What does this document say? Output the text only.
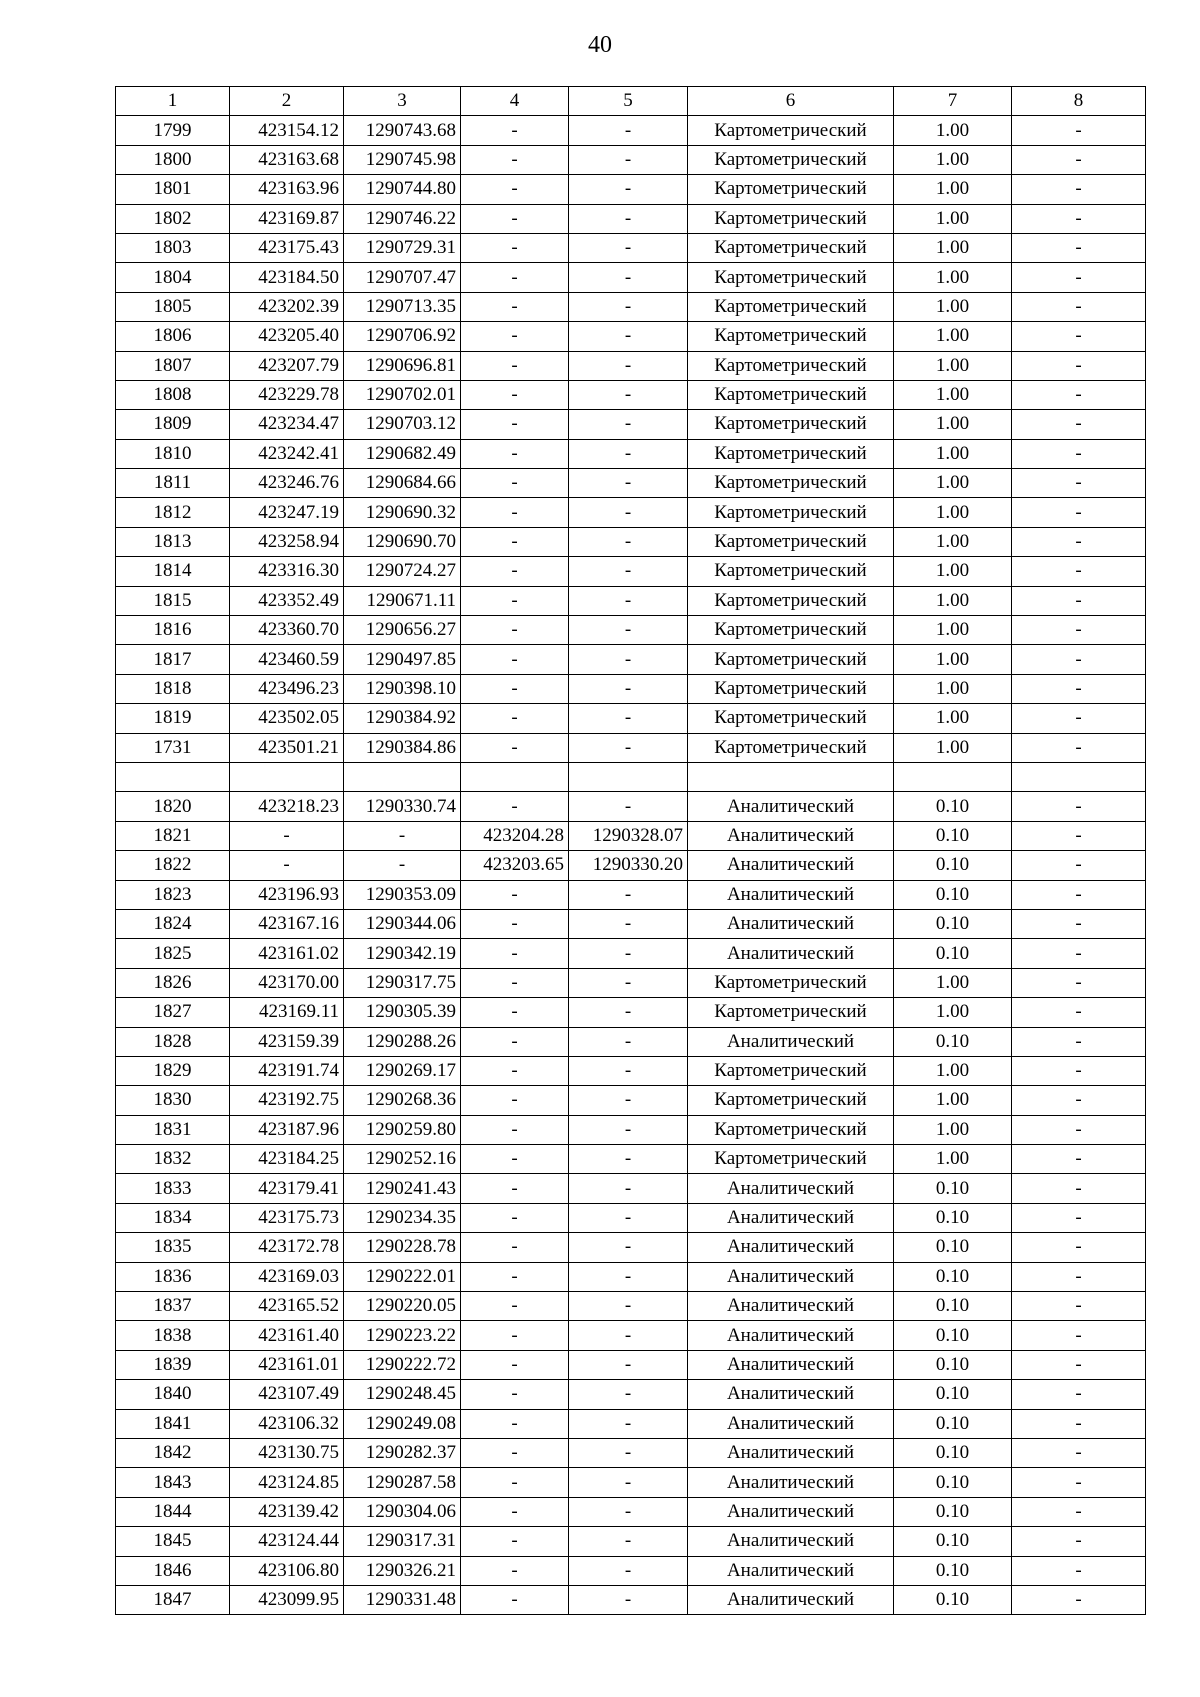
40
1	2	3	4	5	6	7	8
1799	423154.12	1290743.68	-	-	Картометрический	1.00	-
1800	423163.68	1290745.98	-	-	Картометрический	1.00	-
1801	423163.96	1290744.80	-	-	Картометрический	1.00	-
1802	423169.87	1290746.22	-	-	Картометрический	1.00	-
1803	423175.43	1290729.31	-	-	Картометрический	1.00	-
1804	423184.50	1290707.47	-	-	Картометрический	1.00	-
1805	423202.39	1290713.35	-	-	Картометрический	1.00	-
1806	423205.40	1290706.92	-	-	Картометрический	1.00	-
1807	423207.79	1290696.81	-	-	Картометрический	1.00	-
1808	423229.78	1290702.01	-	-	Картометрический	1.00	-
1809	423234.47	1290703.12	-	-	Картометрический	1.00	-
1810	423242.41	1290682.49	-	-	Картометрический	1.00	-
1811	423246.76	1290684.66	-	-	Картометрический	1.00	-
1812	423247.19	1290690.32	-	-	Картометрический	1.00	-
1813	423258.94	1290690.70	-	-	Картометрический	1.00	-
1814	423316.30	1290724.27	-	-	Картометрический	1.00	-
1815	423352.49	1290671.11	-	-	Картометрический	1.00	-
1816	423360.70	1290656.27	-	-	Картометрический	1.00	-
1817	423460.59	1290497.85	-	-	Картометрический	1.00	-
1818	423496.23	1290398.10	-	-	Картометрический	1.00	-
1819	423502.05	1290384.92	-	-	Картометрический	1.00	-
1731	423501.21	1290384.86	-	-	Картометрический	1.00	-

1820	423218.23	1290330.74	-	-	Аналитический	0.10	-
1821	-	-	423204.28	1290328.07	Аналитический	0.10	-
1822	-	-	423203.65	1290330.20	Аналитический	0.10	-
1823	423196.93	1290353.09	-	-	Аналитический	0.10	-
1824	423167.16	1290344.06	-	-	Аналитический	0.10	-
1825	423161.02	1290342.19	-	-	Аналитический	0.10	-
1826	423170.00	1290317.75	-	-	Картометрический	1.00	-
1827	423169.11	1290305.39	-	-	Картометрический	1.00	-
1828	423159.39	1290288.26	-	-	Аналитический	0.10	-
1829	423191.74	1290269.17	-	-	Картометрический	1.00	-
1830	423192.75	1290268.36	-	-	Картометрический	1.00	-
1831	423187.96	1290259.80	-	-	Картометрический	1.00	-
1832	423184.25	1290252.16	-	-	Картометрический	1.00	-
1833	423179.41	1290241.43	-	-	Аналитический	0.10	-
1834	423175.73	1290234.35	-	-	Аналитический	0.10	-
1835	423172.78	1290228.78	-	-	Аналитический	0.10	-
1836	423169.03	1290222.01	-	-	Аналитический	0.10	-
1837	423165.52	1290220.05	-	-	Аналитический	0.10	-
1838	423161.40	1290223.22	-	-	Аналитический	0.10	-
1839	423161.01	1290222.72	-	-	Аналитический	0.10	-
1840	423107.49	1290248.45	-	-	Аналитический	0.10	-
1841	423106.32	1290249.08	-	-	Аналитический	0.10	-
1842	423130.75	1290282.37	-	-	Аналитический	0.10	-
1843	423124.85	1290287.58	-	-	Аналитический	0.10	-
1844	423139.42	1290304.06	-	-	Аналитический	0.10	-
1845	423124.44	1290317.31	-	-	Аналитический	0.10	-
1846	423106.80	1290326.21	-	-	Аналитический	0.10	-
1847	423099.95	1290331.48	-	-	Аналитический	0.10	-
